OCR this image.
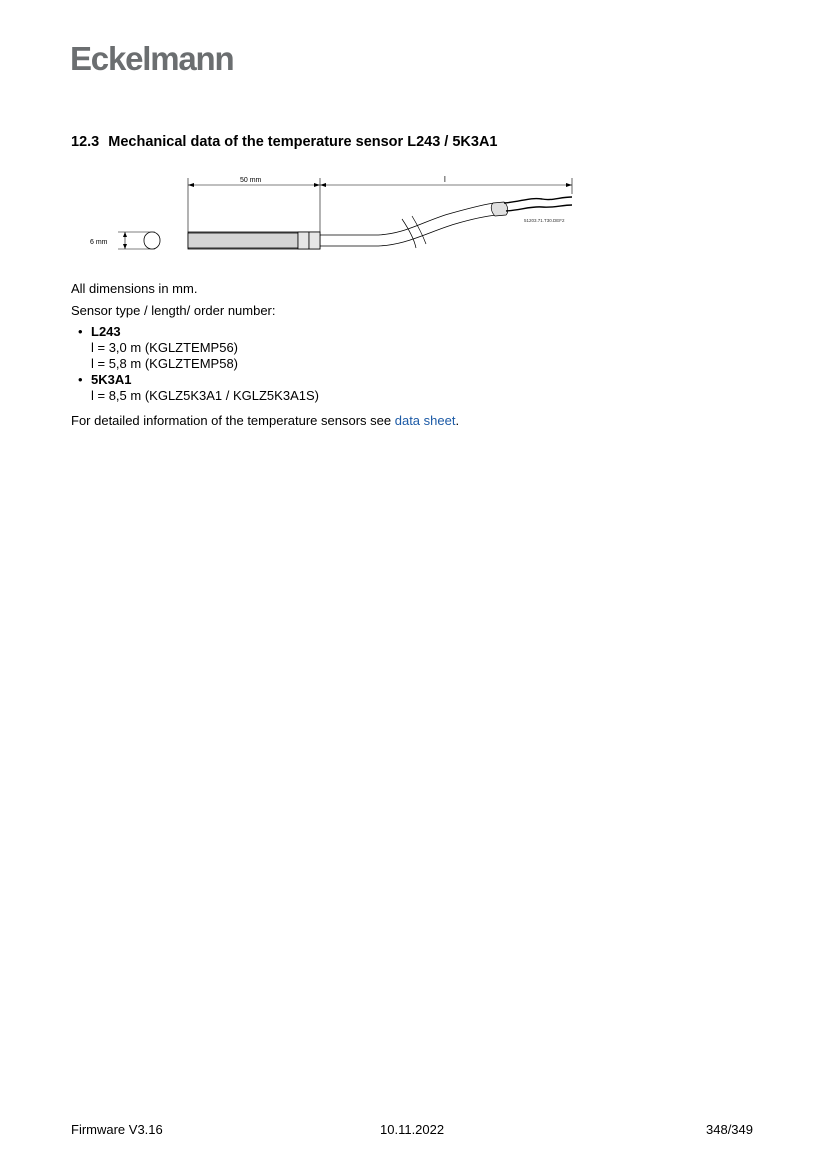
Eckelmann
12.3 Mechanical data of the temperature sensor L243 / 5K3A1
50 mm	l
6 mm
51203.71.T30.DEF2
All dimensions in mm.
Sensor type / length/ order number:
• L243
l = 3,0 m (KGLZTEMP56)
l = 5,8 m (KGLZTEMP58)
• 5K3A1
l = 8,5 m (KGLZ5K3A1 / KGLZ5K3A1S)
For detailed information of the temperature sensors see data sheet.
Firmware V3.16	10.11.2022	348/349
